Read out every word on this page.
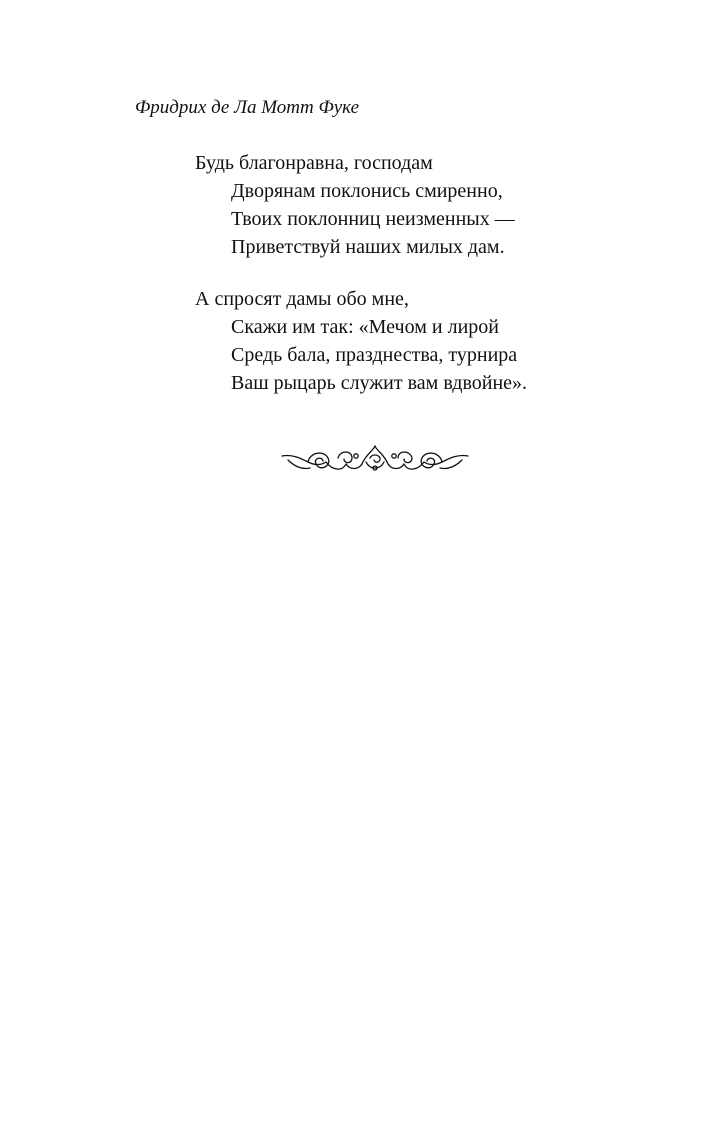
Фридрих де Ла Мотт Фуке
Будь благонравна, господам
Дворянам поклонись смиренно,
Твоих поклонниц неизменных —
Приветствуй наших милых дам.
А спросят дамы обо мне,
Скажи им так: «Мечом и лирой
Средь бала, празднества, турнира
Ваш рыцарь служит вам вдвойне».
